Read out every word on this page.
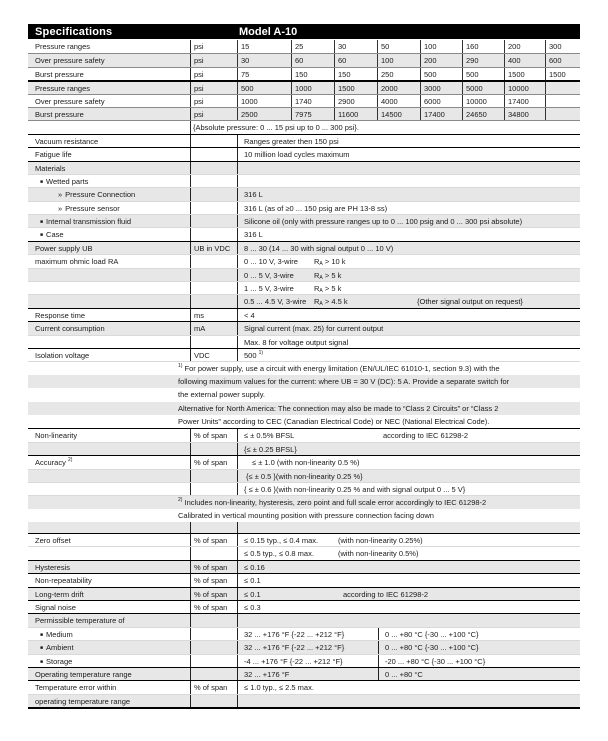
Specifications	Model A-10
Pressure ranges	psi	15	25	30	50	100	160	200	300
Over pressure safety	psi	30	60	60	100	200	290	400	600
Burst pressure	psi	75	150	150	250	500	500	1500	1500
Pressure ranges	psi	500	1000	1500	2000	3000	5000	10000
Over pressure safety	psi	1000	1740	2900	4000	6000	10000	17400
Burst pressure	psi	2500	7975	11600	14500	17400	24650	34800
{Absolute pressure: 0 ... 15 psi up to 0 ... 300 psi}.
Vacuum resistance	Ranges greater then 150 psi
Fatigue life	10 million load cycles maximum
Materials
■ Wetted parts
» Pressure Connection	316 L
» Pressure sensor	316 L (as of ≥0 ... 150 psig are PH 13-8 ss)
■ Internal transmission fluid	Silicone oil (only with pressure ranges up to 0 ... 100 psig and 0 ... 300 psi absolute)
■ Case	316 L
Power supply UB	UB in VDC	8 ... 30 (14 ... 30 with signal output 0 ... 10 V)
maximum ohmic load RA	0 ... 10 V, 3-wire $R_A > 10$ k
0 ... 5 V, 3-wire	$R_A > 5$ k
1 ... 5 V, 3-wire	$R_A > 5$ k
0.5 ... 4.5 V, 3-wire $R_A > 4.5$ k	{Other signal output on request}
Response time	ms	< 4
Current consumption	mA	Signal current (max. 25) for current output
Max. 8 for voltage output signal
Isolation voltage	VDC	500 $^{1)}$
$^{1)}$ For power supply, use a circuit with energy limitation (EN/UL/IEC 61010-1, section 9.3) with the
following maximum values for the current: where UB = 30 V (DC): 5 A. Provide a separate switch for
the external power supply.
Alternative for North America: The connection may also be made to “Class 2 Circuits” or “Class 2
Power Units” according to CEC (Canadian Electrical Code) or NEC (National Electrical Code).
Non-linearity	% of span	≤ ± 0.5% BFSL	according to IEC 61298-2
{≤ ± 0.25 BFSL}
Accuracy $^{2)}$	% of span	≤ ± 1.0 (with non-linearity 0.5 %)
{≤ ± 0.5 }(with non-linearity 0.25 %}
{ ≤ ± 0.6 }(with non-linearity 0.25 % and with signal output 0 ... 5 V}
$^{2)}$ Includes non-linearity, hysteresis, zero point and full scale error accordingly to IEC 61298-2
Calibrated in vertical mounting position with pressure connection facing down
Zero offset	% of span	≤ 0.15 typ., ≤ 0.4 max.	(with non-linearity 0.25%)
≤ 0.5 typ., ≤ 0.8 max.	(with non-linearity 0.5%)
Hysteresis	% of span	≤ 0.16
Non-repeatability	% of span	≤ 0.1
Long-term drift	% of span	≤ 0.1	according to IEC 61298-2
Signal noise	% of span	≤ 0.3
Permissible temperature of
■ Medium	32 ... +176 °F {-22 ... +212 °F}	0 ... +80 °C {-30 ... +100 °C}
■ Ambient	32 ... +176 °F {-22 ... +212 °F}	0 ... +80 °C {-30 ... +100 °C}
■ Storage	-4 ... +176 °F {-22 ... +212 °F}	-20 ... +80 °C {-30 ... +100 °C}
Operating temperature range	32 ... +176 °F	0 ... +80 °C
Temperature error within	% of span	≤ 1.0 typ., ≤ 2.5 max.
operating temperature range
